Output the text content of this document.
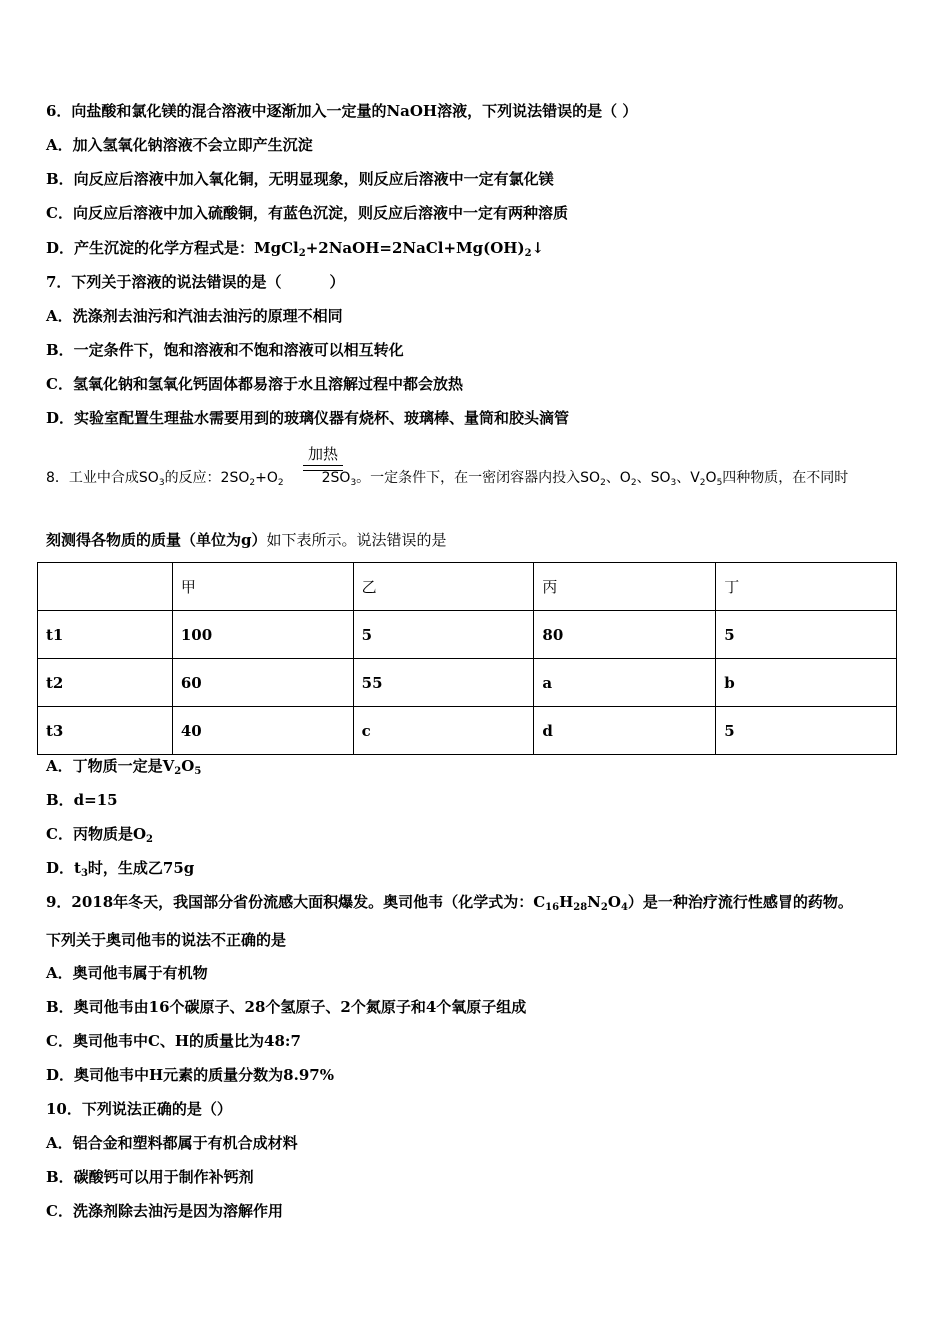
6．向盐酸和氯化镁的混合溶液中逐渐加入一定量的NaOH溶液，下列说法错误的是（ ）
A．加入氢氧化钠溶液不会立即产生沉淀
B．向反应后溶液中加入氧化铜，无明显现象，则反应后溶液中一定有氯化镁
C．向反应后溶液中加入硫酸铜，有蓝色沉淀，则反应后溶液中一定有两种溶质
D．产生沉淀的化学方程式是：$MgCl_2+2NaOH=2NaCl+Mg(OH)_2↓$
7．下列关于溶液的说法错误的是（	）
A．洗涤剂去油污和汽油去油污的原理不相同
B．一定条件下，饱和溶液和不饱和溶液可以相互转化
C．氢氧化钠和氢氧化钙固体都易溶于水且溶解过程中都会放热
D．实验室配置生理盐水需要用到的玻璃仪器有烧杯、玻璃棒、量筒和胶头滴管
加热
8．工业中合成$SO_3$的反应：$2SO_2+O_2$	$2SO_3$。一定条件下，在一密闭容器内投入$SO_2$、$O_2$、$SO_3$、$V_2O_5$四种物质，在不同时
刻测得各物质的质量（单位为g）如下表所示。说法错误的是
	甲	乙	丙	丁
t1	100	5	80	5
t2	60	55	a	b
t3	40	c	d	5
A．丁物质一定是$V_2O_5$
B．d=15
C．丙物质是$O_2$
D．$t_3$时，生成乙75g
9．2018年冬天，我国部分省份流感大面积爆发。奥司他韦（化学式为：$C_{16}H_{28}N_2O_4$）是一种治疗流行性感冒的药物。
下列关于奥司他韦的说法不正确的是
A．奥司他韦属于有机物
B．奥司他韦由16个碳原子、28个氢原子、2个氮原子和4个氧原子组成
C．奥司他韦中C、H的质量比为48:7
D．奥司他韦中H元素的质量分数为8.97%
10．下列说法正确的是（）
A．铝合金和塑料都属于有机合成材料
B．碳酸钙可以用于制作补钙剂
C．洗涤剂除去油污是因为溶解作用
